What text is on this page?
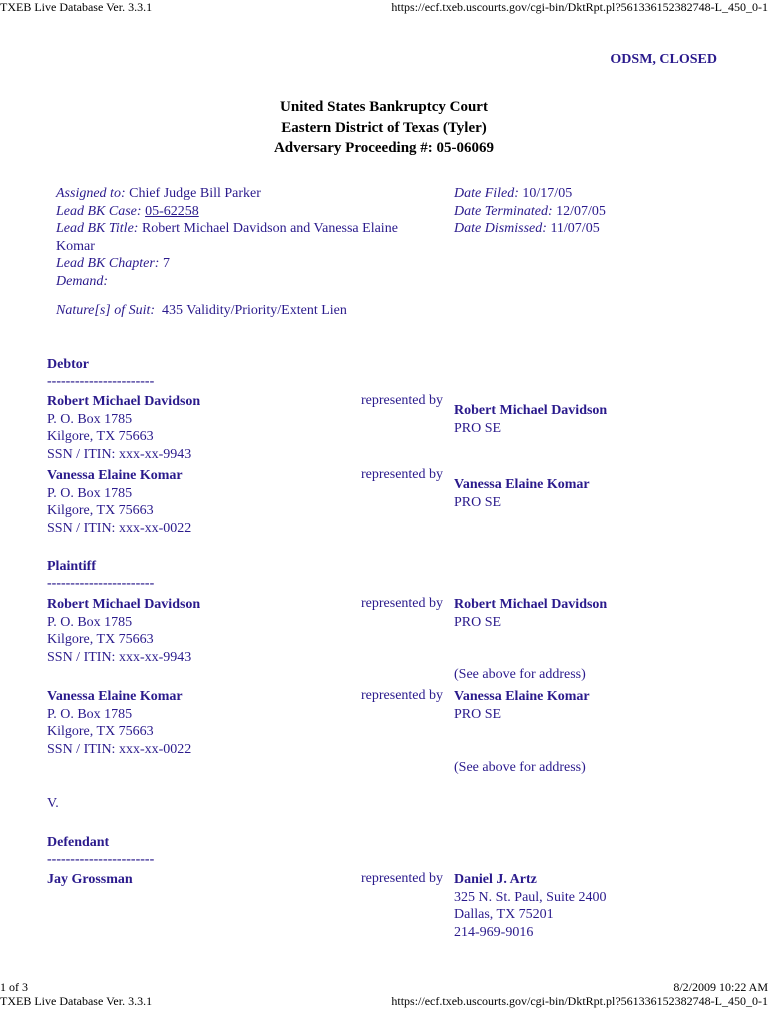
TXEB Live Database Ver. 3.3.1	https://ecf.txeb.uscourts.gov/cgi-bin/DktRpt.pl?561336152382748-L_450_0-1
ODSM, CLOSED
United States Bankruptcy Court
Eastern District of Texas (Tyler)
Adversary Proceeding #: 05-06069
Assigned to: Chief Judge Bill Parker
Lead BK Case: 05-62258
Lead BK Title: Robert Michael Davidson and Vanessa Elaine
Komar
Lead BK Chapter: 7
Demand:
Date Filed: 10/17/05
Date Terminated: 12/07/05
Date Dismissed: 11/07/05
Nature[s] of Suit: 435 Validity/Priority/Extent Lien
Debtor
-----------------------
Robert Michael Davidson
P. O. Box 1785
Kilgore, TX 75663
SSN / ITIN: xxx-xx-9943
represented by
Robert Michael Davidson
PRO SE
Vanessa Elaine Komar
P. O. Box 1785
Kilgore, TX 75663
SSN / ITIN: xxx-xx-0022
represented by
Vanessa Elaine Komar
PRO SE
Plaintiff
-----------------------
Robert Michael Davidson
P. O. Box 1785
Kilgore, TX 75663
SSN / ITIN: xxx-xx-9943
represented by Robert Michael Davidson
PRO SE
(See above for address)
Vanessa Elaine Komar
P. O. Box 1785
Kilgore, TX 75663
SSN / ITIN: xxx-xx-0022
represented by Vanessa Elaine Komar
PRO SE
(See above for address)
V.
Defendant
-----------------------
Jay Grossman	represented by Daniel J. Artz
325 N. St. Paul, Suite 2400
Dallas, TX 75201
214-969-9016
1 of 3	8/2/2009 10:22 AM
TXEB Live Database Ver. 3.3.1	https://ecf.txeb.uscourts.gov/cgi-bin/DktRpt.pl?561336152382748-L_450_0-1
